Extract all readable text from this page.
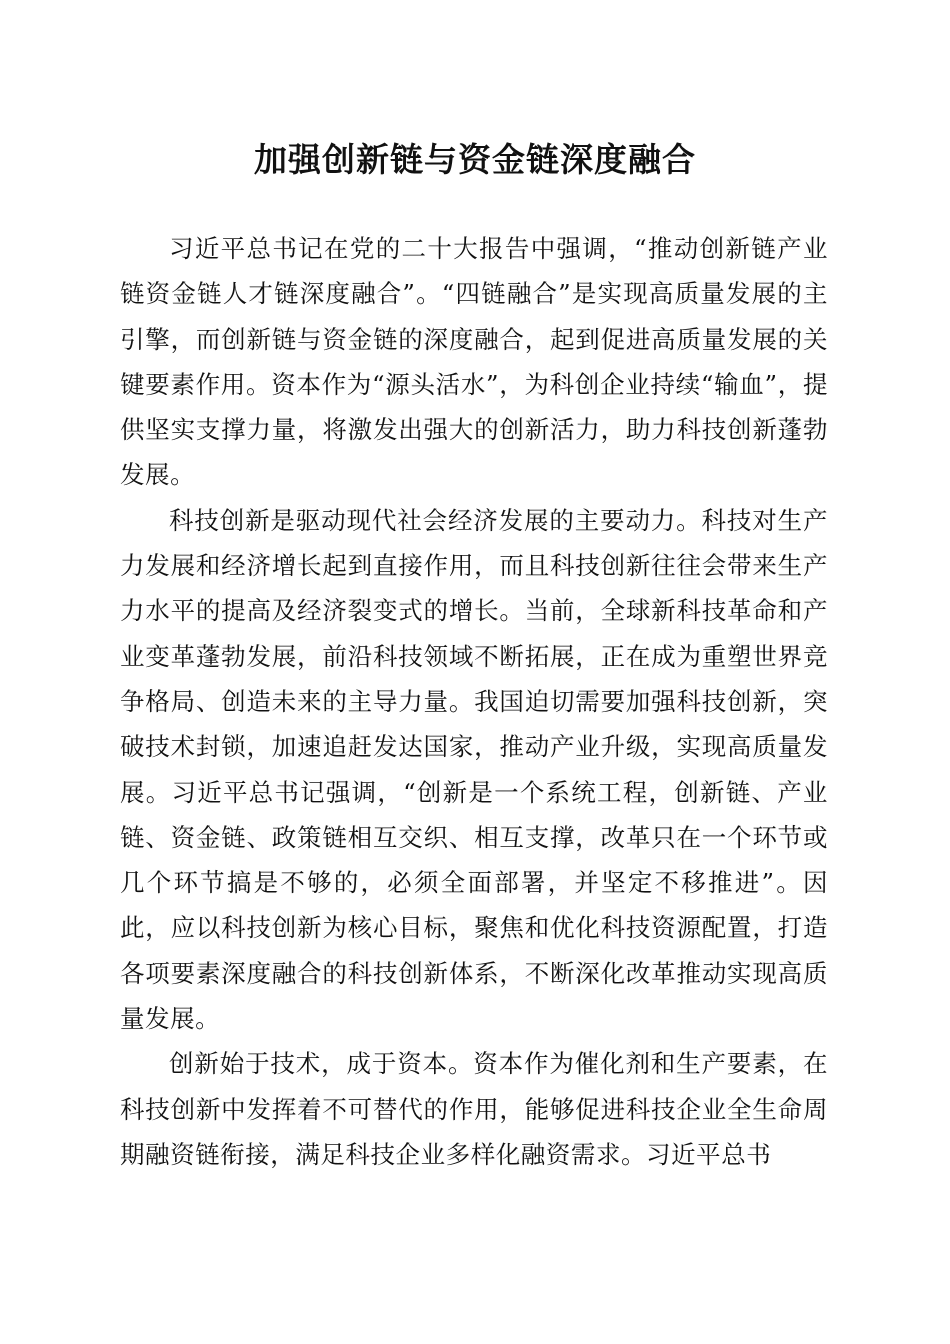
加强创新链与资金链深度融合

习近平总书记在党的二十大报告中强调，“推动创新链产业链资金链人才链深度融合”。“四链融合”是实现高质量发展的主引擎，而创新链与资金链的深度融合，起到促进高质量发展的关键要素作用。资本作为“源头活水”，为科创企业持续“输血”，提供坚实支撑力量，将激发出强大的创新活力，助力科技创新蓬勃发展。

科技创新是驱动现代社会经济发展的主要动力。科技对生产力发展和经济增长起到直接作用，而且科技创新往往会带来生产力水平的提高及经济裂变式的增长。当前，全球新科技革命和产业变革蓬勃发展，前沿科技领域不断拓展，正在成为重塑世界竞争格局、创造未来的主导力量。我国迫切需要加强科技创新，突破技术封锁，加速追赶发达国家，推动产业升级，实现高质量发展。习近平总书记强调，“创新是一个系统工程，创新链、产业链、资金链、政策链相互交织、相互支撑，改革只在一个环节或几个环节搞是不够的，必须全面部署，并坚定不移推进”。因此，应以科技创新为核心目标，聚焦和优化科技资源配置，打造各项要素深度融合的科技创新体系，不断深化改革推动实现高质量发展。

创新始于技术，成于资本。资本作为催化剂和生产要素，在科技创新中发挥着不可替代的作用，能够促进科技企业全生命周期融资链衔接，满足科技企业多样化融资需求。习近平总书
